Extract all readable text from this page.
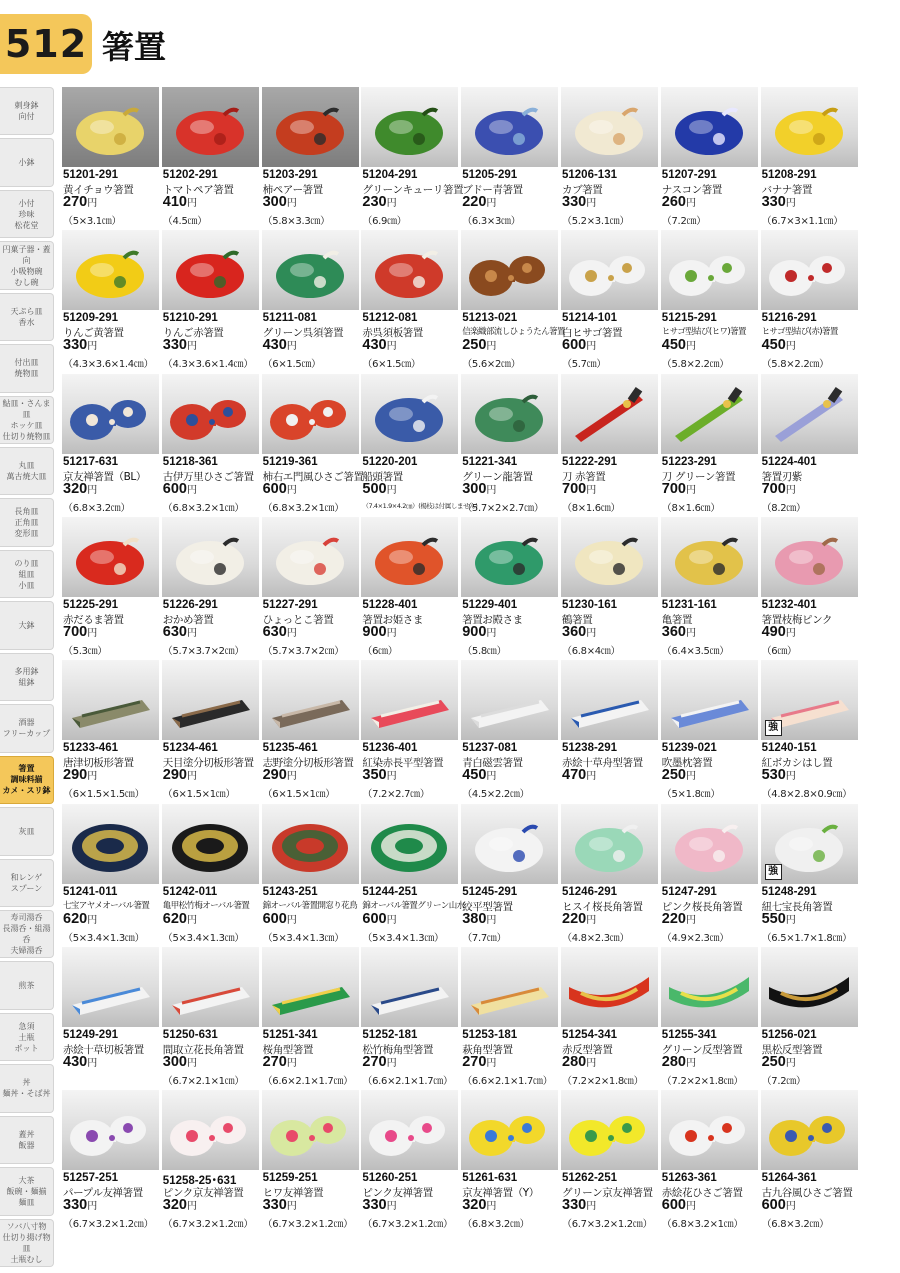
512 箸置
刺身鉢
向付
小鉢
小付
珍味
松花堂
円菓子器・蓋向
小吸物碗
むし碗
天ぷら皿
香水
付出皿
焼物皿
鮎皿・さんま皿
ホッケ皿
仕切り焼物皿
丸皿
萬古焼大皿
長角皿
正角皿
変形皿
のり皿
組皿
小皿
大鉢
多用鉢
組鉢
酒器
フリーカップ
箸置
調味料揃
カメ・スリ鉢
灰皿
和レンゲ
スプーン
寿司湯呑
長湯呑・組湯呑
夫婦湯呑
煎茶
急須
土瓶
ポット
丼
麺丼・そば丼
蓋丼
飯器
大茶
飯碗・麺揃
麺皿
ソバ八寸物
仕切り揚げ物皿
土瓶むし
51201-291
黄イチョウ箸置
270円
（5×3.1㎝）
51202-291
トマトペア箸置
410円
（4.5㎝）
51203-291
柿ペアー箸置
300円
（5.8×3.3㎝）
51204-291
グリーンキューリ箸置
230円
（6.9㎝）
51205-291
ブドー青箸置
220円
（6.3×3㎝）
51206-131
カブ箸置
330円
（5.2×3.1㎝）
51207-291
ナスコン箸置
260円
（7.2㎝）
51208-291
バナナ箸置
330円
（6.7×3×1.1㎝）
51209-291
りんご黄箸置
330円
（4.3×3.6×1.4㎝）
51210-291
りんご赤箸置
330円
（4.3×3.6×1.4㎝）
51211-081
グリーン呉須箸置
430円
（6×1.5㎝）
51212-081
赤呉須板箸置
430円
（6×1.5㎝）
51213-021
信楽織部流しひょうたん箸置
250円
（5.6×2㎝）
51214-101
白ヒサゴ箸置
600円
（5.7㎝）
51215-291
ヒサゴ型結び(ヒワ)箸置
450円
（5.8×2.2㎝）
51216-291
ヒサゴ型結び(赤)箸置
450円
（5.8×2.2㎝）
51217-631
京友禅箸置（BL）
320円
（6.8×3.2㎝）
51218-361
古伊万里ひさご箸置
600円
（6.8×3.2×1㎝）
51219-361
柿右エ門風ひさご箸置
600円
（6.8×3.2×1㎝）
51220-201
船頭箸置
500円
（7.4×1.9×4.2㎝）(楊枝は付属しません)
51221-341
グリーン龍箸置
300円
（5.7×2×2.7㎝）
51222-291
刀 赤箸置
700円
（8×1.6㎝）
51223-291
刀 グリーン箸置
700円
（8×1.6㎝）
51224-401
箸置刃紫
700円
（8.2㎝）
51225-291
赤だるま箸置
700円
（5.3㎝）
51226-291
おかめ箸置
630円
（5.7×3.7×2㎝）
51227-291
ひょっとこ箸置
630円
（5.7×3.7×2㎝）
51228-401
箸置お姫さま
900円
（6㎝）
51229-401
箸置お殿さま
900円
（5.8㎝）
51230-161
鶴箸置
360円
（6.8×4㎝）
51231-161
亀箸置
360円
（6.4×3.5㎝）
51232-401
箸置枝梅ピンク
490円
（6㎝）
51233-461
唐津切板形箸置
290円
（6×1.5×1.5㎝）
51234-461
天目塗分切板形箸置
290円
（6×1.5×1㎝）
51235-461
志野塗分切板形箸置
290円
（6×1.5×1㎝）
51236-401
紅染赤長平型箸置
350円
（7.2×2.7㎝）
51237-081
青白磁雲箸置
450円
（4.5×2.2㎝）
51238-291
赤絵十草舟型箸置
470円
51239-021
吹墨枕箸置
250円
（5×1.8㎝）
強
51240-151
紅ボカシはし置
530円
（4.8×2.8×0.9㎝）
51241-011
七宝アヤメオーバル箸置
620円
（5×3.4×1.3㎝）
51242-011
亀甲松竹梅オーバル箸置
620円
（5×3.4×1.3㎝）
51243-251
錦オーバル箸置開窓り花鳥
600円
（5×3.4×1.3㎝）
51244-251
錦オーバル箸置グリーン山水
600円
（5×3.4×1.3㎝）
51245-291
絞平型箸置
380円
（7.7㎝）
51246-291
ヒスイ桜長角箸置
220円
（4.8×2.3㎝）
51247-291
ピンク桜長角箸置
220円
（4.9×2.3㎝）
強
51248-291
紐七宝長角箸置
550円
（6.5×1.7×1.8㎝）
51249-291
赤絵十草切板箸置
430円
51250-631
間取立花長角箸置
300円
（6.7×2.1×1㎝）
51251-341
桜角型箸置
270円
（6.6×2.1×1.7㎝）
51252-181
松竹梅角型箸置
270円
（6.6×2.1×1.7㎝）
51253-181
萩角型箸置
270円
（6.6×2.1×1.7㎝）
51254-341
赤反型箸置
280円
（7.2×2×1.8㎝）
51255-341
グリーン反型箸置
280円
（7.2×2×1.8㎝）
51256-021
黒松反型箸置
250円
（7.2㎝）
51257-251
パープル友禅箸置
330円
（6.7×3.2×1.2㎝）
51258-25･631
ピンク京友禅箸置
320円
（6.7×3.2×1.2㎝）
51259-251
ヒワ友禅箸置
330円
（6.7×3.2×1.2㎝）
51260-251
ピンク友禅箸置
330円
（6.7×3.2×1.2㎝）
51261-631
京友禅箸置（Y）
320円
（6.8×3.2㎝）
51262-251
グリーン京友禅箸置
330円
（6.7×3.2×1.2㎝）
51263-361
赤絵花ひさご箸置
600円
（6.8×3.2×1㎝）
51264-361
古九谷風ひさご箸置
600円
（6.8×3.2㎝）
